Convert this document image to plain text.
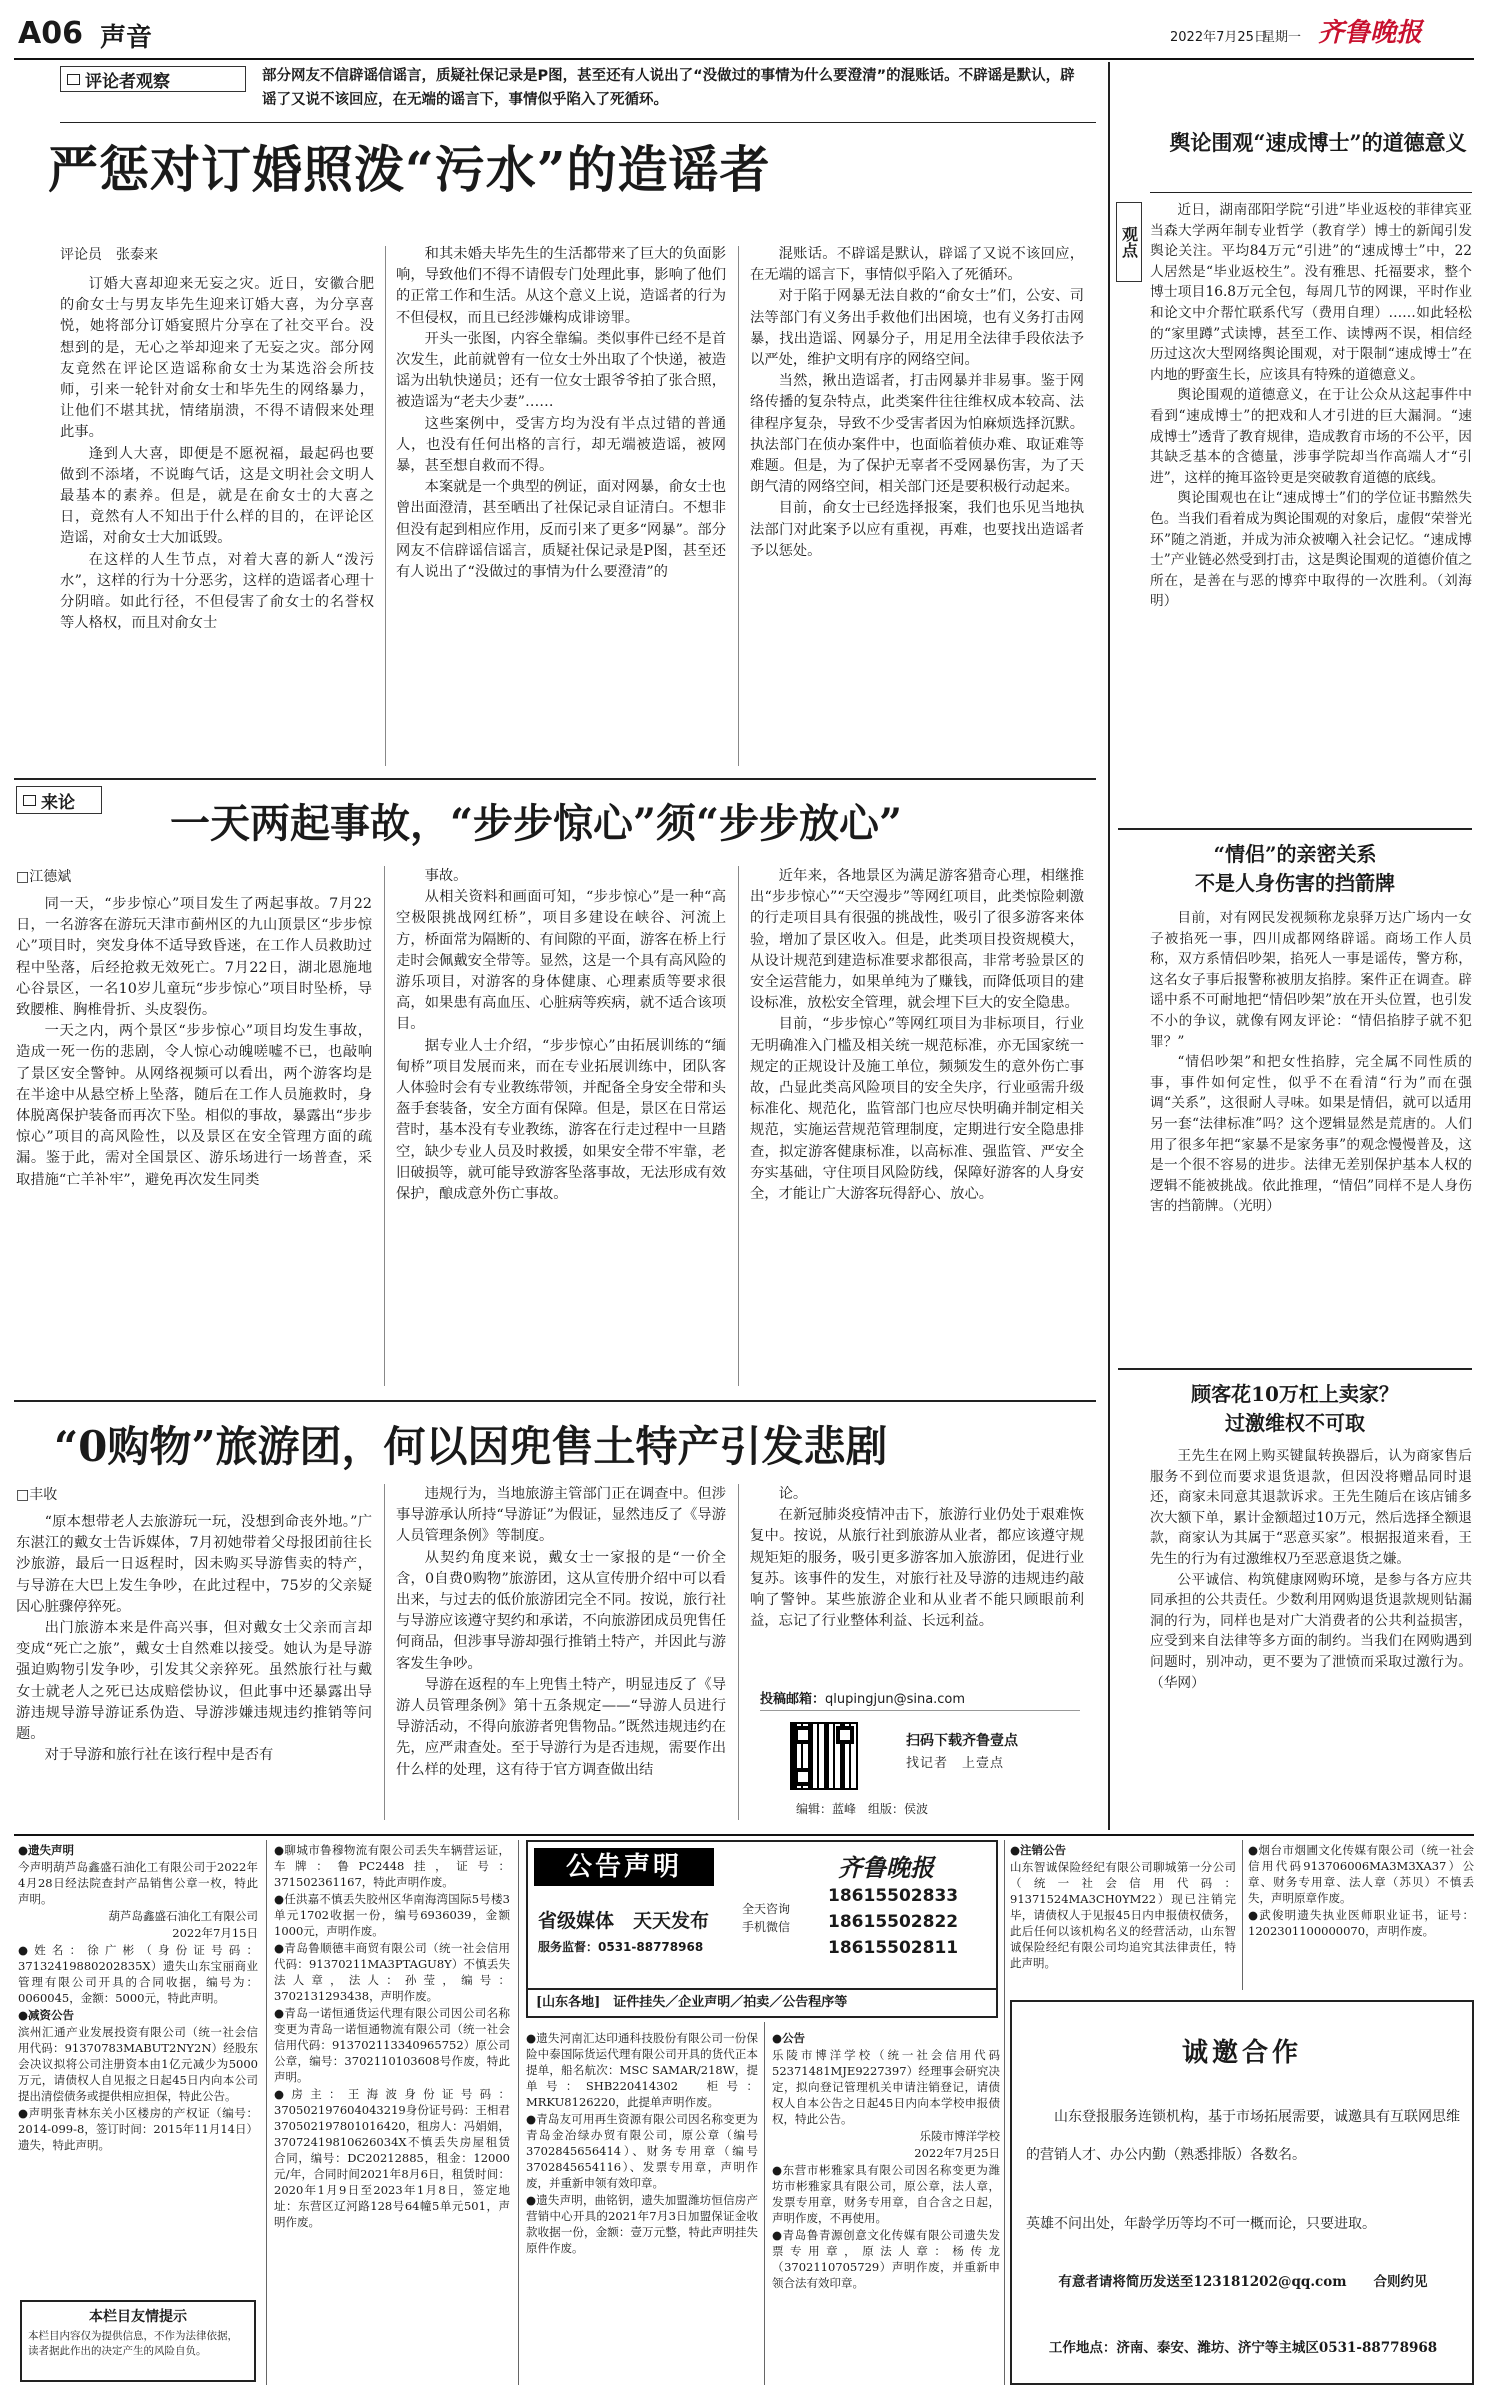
A06 声音	2022年7月25日
星期一 齐鲁晚报
评论者观察	部分网友不信辟谣信谣言，质疑社保记录是P图，甚至还有人说出了“没做过的事情为什么要澄清”的混账话。不辟谣是默认，辟谣了又说不该回应，在无端的谣言下，事情似乎陷入了死循环。
严惩对订婚照泼“污水”的造谣者
评论员　张泰来

订婚大喜却迎来无妄之灾。近日，安徽合肥的俞女士与男友毕先生迎来订婚大喜，为分享喜悦，她将部分订婚宴照片分享在了社交平台。没想到的是，无心之举却迎来了无妄之灾。部分网友竟然在评论区造谣称俞女士为某选浴会所技师，引来一轮针对俞女士和毕先生的网络暴力，让他们不堪其扰，情绪崩溃，不得不请假来处理此事。

逢到人大喜，即便是不愿祝福，最起码也要做到不添堵，不说晦气话，这是文明社会文明人最基本的素养。但是，就是在俞女士的大喜之日，竟然有人不知出于什么样的目的，在评论区造谣，对俞女士大加诋毁。

在这样的人生节点，对着大喜的新人“泼污水”，这样的行为十分恶劣，这样的造谣者心理十分阴暗。如此行径，不但侵害了俞女士的名誉权等人格权，而且对俞女士

和其未婚夫毕先生的生活都带来了巨大的负面影响，导致他们不得不请假专门处理此事，影响了他们的正常工作和生活。从这个意义上说，造谣者的行为不但侵权，而且已经涉嫌构成诽谤罪。

开头一张图，内容全靠编。类似事件已经不是首次发生，此前就曾有一位女士外出取了个快递，被造谣为出轨快递员；还有一位女士跟爷爷拍了张合照，被造谣为“老夫少妻”……

这些案例中，受害方均为没有半点过错的普通人，也没有任何出格的言行，却无端被造谣，被网暴，甚至想自救而不得。

本案就是一个典型的例证，面对网暴，俞女士也曾出面澄清，甚至晒出了社保记录自证清白。不想非但没有起到相应作用，反而引来了更多“网暴”。部分网友不信辟谣信谣言，质疑社保记录是P图，甚至还有人说出了“没做过的事情为什么要澄清”的

混账话。不辟谣是默认，辟谣了又说不该回应，在无端的谣言下，事情似乎陷入了死循环。

对于陷于网暴无法自救的“俞女士”们，公安、司法等部门有义务出手救他们出困境，也有义务打击网暴，找出造谣、网暴分子，用足用全法律手段依法予以严处，维护文明有序的网络空间。

当然，揪出造谣者，打击网暴并非易事。鉴于网络传播的复杂特点，此类案件往往维权成本较高、法律程序复杂，导致不少受害者因为怕麻烦选择沉默。执法部门在侦办案件中，也面临着侦办难、取证难等难题。但是，为了保护无辜者不受网暴伤害，为了天朗气清的网络空间，相关部门还是要积极行动起来。

目前，俞女士已经选择报案，我们也乐见当地执法部门对此案予以应有重视，再难，也要找出造谣者予以惩处。

来论 一天两起事故，“步步惊心”须“步步放心”
□江德斌

同一天，“步步惊心”项目发生了两起事故。7月22日，一名游客在游玩天津市蓟州区的九山顶景区“步步惊心”项目时，突发身体不适导致昏迷，在工作人员救助过程中坠落，后经抢救无效死亡。7月22日，湖北恩施地心谷景区，一名10岁儿童玩“步步惊心”项目时坠桥，导致腰椎、胸椎骨折、头皮裂伤。

一天之内，两个景区“步步惊心”项目均发生事故，造成一死一伤的悲剧，令人惊心动魄嗟嘘不已，也敲响了景区安全警钟。从网络视频可以看出，两个游客均是在半途中从悬空桥上坠落，随后在工作人员施救时，身体脱离保护装备而再次下坠。相似的事故，暴露出“步步惊心”项目的高风险性，以及景区在安全管理方面的疏漏。鉴于此，需对全国景区、游乐场进行一场普查，采取措施“亡羊补牢”，避免再次发生同类

事故。

从相关资料和画面可知，“步步惊心”是一种“高空极限挑战网红桥”，项目多建设在峡谷、河流上方，桥面常为隔断的、有间隙的平面，游客在桥上行走时会佩戴安全带等。显然，这是一个具有高风险的游乐项目，对游客的身体健康、心理素质等要求很高，如果患有高血压、心脏病等疾病，就不适合该项目。

据专业人士介绍，“步步惊心”由拓展训练的“缅甸桥”项目发展而来，而在专业拓展训练中，团队客人体验时会有专业教练带领，并配备全身安全带和头盔手套装备，安全方面有保障。但是，景区在日常运营时，基本没有专业教练，游客在行走过程中一旦踏空，缺少专业人员及时救援，如果安全带不牢靠，老旧破损等，就可能导致游客坠落事故，无法形成有效保护，酿成意外伤亡事故。

近年来，各地景区为满足游客猎奇心理，相继推出“步步惊心”“天空漫步”等网红项目，此类惊险刺激的行走项目具有很强的挑战性，吸引了很多游客来体验，增加了景区收入。但是，此类项目投资规模大，从设计规范到建造标准要求都很高，非常考验景区的安全运营能力，如果单纯为了赚钱，而降低项目的建设标准，放松安全管理，就会埋下巨大的安全隐患。

目前，“步步惊心”等网红项目为非标项目，行业无明确准入门槛及相关统一规范标准，亦无国家统一规定的正规设计及施工单位，频频发生的意外伤亡事故，凸显此类高风险项目的安全失序，行业亟需升级标准化、规范化，监管部门也应尽快明确并制定相关规范，实施运营规范管理制度，定期进行安全隐患排查，拟定游客健康标准，以高标准、强监管、严安全夯实基础，守住项目风险防线，保障好游客的人身安全，才能让广大游客玩得舒心、放心。

“0购物”旅游团，何以因兜售土特产引发悲剧
□丰收

“原本想带老人去旅游玩一玩，没想到命丧外地。”广东湛江的戴女士告诉媒体，7月初她带着父母报团前往长沙旅游，最后一日返程时，因未购买导游售卖的特产，与导游在大巴上发生争吵，在此过程中，75岁的父亲疑因心脏骤停猝死。

出门旅游本来是件高兴事，但对戴女士父亲而言却变成“死亡之旅”，戴女士自然难以接受。她认为是导游强迫购物引发争吵，引发其父亲猝死。虽然旅行社与戴女士就老人之死已达成赔偿协议，但此事中还暴露出导游违规导游导游证系伪造、导游涉嫌违规违约推销等问题。

对于导游和旅行社在该行程中是否有

违规行为，当地旅游主管部门正在调查中。但涉事导游承认所持“导游证”为假证，显然违反了《导游人员管理条例》等制度。

从契约角度来说，戴女士一家报的是“一价全含，0自费0购物”旅游团，这从宣传册介绍中可以看出来，与过去的低价旅游团完全不同。按说，旅行社与导游应该遵守契约和承诺，不向旅游团成员兜售任何商品，但涉事导游却强行推销土特产，并因此与游客发生争吵。

导游在返程的车上兜售土特产，明显违反了《导游人员管理条例》第十五条规定——“导游人员进行导游活动，不得向旅游者兜售物品。”既然违规违约在先，应严肃查处。至于导游行为是否违规，需要作出什么样的处理，这有待于官方调查做出结

论。

在新冠肺炎疫情冲击下，旅游行业仍处于艰难恢复中。按说，从旅行社到旅游从业者，都应该遵守规规矩矩的服务，吸引更多游客加入旅游团，促进行业复苏。该事件的发生，对旅行社及导游的违规违约敲响了警钟。某些旅游企业和从业者不能只顾眼前利益，忘记了行业整体利益、长远利益。

投稿邮箱：qlupingjun@sina.com
扫码下载齐鲁壹点
找记者　上壹点
编辑：蓝峰　组版：侯波
观点
舆论围观“速成博士”的道德意义

近日，湖南邵阳学院“引进”毕业返校的菲律宾亚当森大学两年制专业哲学（教育学）博士的新闻引发舆论关注。平均84万元“引进”的“速成博士”中，22人居然是“毕业返校生”。没有雅思、托福要求，整个博士项目16.8万元全包，每周几节的网课，平时作业和论文中介帮忙联系代写（费用自理）……如此轻松的“家里蹲”式读博，甚至工作、读博两不误，相信经历过这次大型网络舆论围观，对于限制“速成博士”在内地的野蛮生长，应该具有特殊的道德意义。

舆论围观的道德意义，在于让公众从这起事件中看到“速成博士”的把戏和人才引进的巨大漏洞。“速成博士”透背了教育规律，造成教育市场的不公平，因其缺乏基本的含德量，涉事学院却当作高端人才“引进”，这样的掩耳盗铃更是突破教育道德的底线。

舆论围观也在让“速成博士”们的学位证书黯然失色。当我们看着成为舆论围观的对象后，虚假“荣誉光环”随之消逝，并成为沛众被嘲入社会记忆。“速成博士”产业链必然受到打击，这是舆论围观的道德价值之所在，是善在与恶的博弈中取得的一次胜利。（刘海明）

“情侣”的亲密关系
不是人身伤害的挡箭牌

目前，对有网民发视频称龙泉驿万达广场内一女子被掐死一事，四川成都网络辟谣。商场工作人员称，双方系情侣吵架，掐死人一事是谣传，警方称，这名女子事后报警称被朋友掐脖。案件正在调查。辟谣中系不可耐地把“情侣吵架”放在开头位置，也引发不小的争议，就像有网友评论：“情侣掐脖子就不犯罪？”

“情侣吵架”和把女性掐脖，完全属不同性质的事，事件如何定性，似乎不在看清“行为”而在强调“关系”，这很耐人寻味。如果是情侣，就可以适用另一套“法律标准”吗？这个逻辑显然是荒唐的。人们用了很多年把“家暴不是家务事”的观念慢慢普及，这是一个很不容易的进步。法律无差别保护基本人权的逻辑不能被挑战。依此推理，“情侣”同样不是人身伤害的挡箭牌。（光明）

顾客花10万杠上卖家？
过激维权不可取

王先生在网上购买键鼠转换器后，认为商家售后服务不到位而要求退货退款，但因没将赠品同时退还，商家未同意其退款诉求。王先生随后在该店铺多次大额下单，累计金额超过10万元，然后选择全额退款，商家认为其属于“恶意买家”。根据报道来看，王先生的行为有过激维权乃至恶意退货之嫌。

公平诚信、构筑健康网购环境，是参与各方应共同承担的公共责任。少数利用网购退货退款规则钻漏洞的行为，同样也是对广大消费者的公共利益损害，应受到来自法律等多方面的制约。当我们在网购遇到问题时，别冲动，更不要为了泄愤而采取过激行为。（华网）

●遗失声明

今声明葫芦岛鑫盛石油化工有限公司于2022年4月28日经法院查封产品销售公章一枚，特此声明。

葫芦岛鑫盛石油化工有限公司

2022年7月15日

●姓名：徐广彬（身份证号码：37132419880202835X）遗失山东宝丽商业管理有限公司开具的合同收据，编号为：0060045，金额：5000元，特此声明。

●减资公告

滨州汇通产业发展投资有限公司（统一社会信用代码：91370783MABUT2NY2N）经股东会决议拟将公司注册资本由1亿元减少为5000万元，请债权人自见报之日起45日内向本公司提出清偿债务或提供相应担保，特此公告。

●声明张青林东关小区楼房的产权证（编号：2014-099-8，签订时间：2015年11月14日）遗失，特此声明。

本栏目友情提示
本栏目内容仅为提供信息，不作为法律依据，读者据此作出的决定产生的风险自负。

●聊城市鲁穆物流有限公司丢失车辆营运证，车牌：鲁PC2448挂，证号：371502361167，特此声明作废。

●任洪嘉不慎丢失胶州区华南海湾国际5号楼3单元1702收据一份，编号6936039，金额1000元，声明作废。

●青岛鲁顺德丰商贸有限公司（统一社会信用代码：91370211MA3PTAGU8Y）不慎丢失法人章，法人：孙莹，编号：3702131293438，声明作废。

●青岛一诺恒通货运代理有限公司因公司名称变更为青岛一诺恒通物流有限公司（统一社会信用代码：913702113340965752）原公司公章，编号：3702110103608号作废，特此声明。

●房主：王海波身份证号码：370502197604043219身份证号码：王相君370502197801016420，租房人：冯娟娟，37072419810626034X不慎丢失房屋租赁合同，编号：DC20212885，租金：12000元/年，合同时间2021年8月6日，租赁时间：2020年1月9日至2023年1月8日，签定地址：东营区辽河路128号64幢5单元501，声明作废。

公告声明	齐鲁晚报
省级媒体　天天发布
服务监督：0531-88778968
全天咨询手机微信
18615502833
18615502822
18615502811
[山东各地]　证件挂失／企业声明／拍卖／公告程序等

●遗失河南汇达印通科技股份有限公司一份保险中泰国际货运代理有限公司开具的货代正本提单，船名航次：MSC SAMAR/218W，提单号：SHB220414302　柜号：MRKU8126220，此提单声明作废。

●青岛友可用再生资源有限公司因名称变更为青岛金冶绿办贸有限公司，原公章（编号3702845656414）、财务专用章（编号3702845654116）、发票专用章，声明作废，并重新申领有效印章。

●遗失声明，曲铭钥，遗失加盟潍坊恒信房产营销中心开具的2021年7月3日加盟保证金收款收据一份，金额：壹万元整，特此声明挂失原件作废。

●公告

乐陵市博洋学校（统一社会信用代码52371481MJE9227397）经理事会研究决定，拟向登记管理机关申请注销登记，请债权人自本公告之日起45日内向本学校申报债权，特此公告。

乐陵市博洋学校

2022年7月25日

●东营市彬雅家具有限公司因名称变更为潍坊市彬雅家具有限公司，原公章，法人章，发票专用章，财务专用章，自合含之日起，声明作废，不再使用。

●青岛鲁青源创意文化传媒有限公司遗失发票专用章，原法人章：杨传龙（3702110705729）声明作废，并重新申领合法有效印章。

●注销公告

山东智诚保险经纪有限公司聊城第一分公司（统一社会信用代码：91371524MA3CH0YM22）现已注销完毕，请债权人于见报45日内申报债权债务，此后任何以该机构名义的经营活动，山东智诚保险经纪有限公司均追究其法律责任，特此声明。

●烟台市烟圃文化传媒有限公司（统一社会信用代码913706006MA3M3XA37）公章、财务专用章、法人章（苏贝）不慎丢失，声明原章作废。

●武俊明遗失执业医师职业证书，证号：1202301100000070，声明作废。

诚邀合作
山东登报服务连锁机构，基于市场拓展需要，诚邀具有互联网思维的营销人才、办公内勤（熟悉排版）各数名。
英雄不问出处，年龄学历等均不可一概而论，只要进取。
有意者请将简历发送至123181202@qq.com　　合则约见
工作地点：济南、泰安、潍坊、济宁等主城区0531-88778968
